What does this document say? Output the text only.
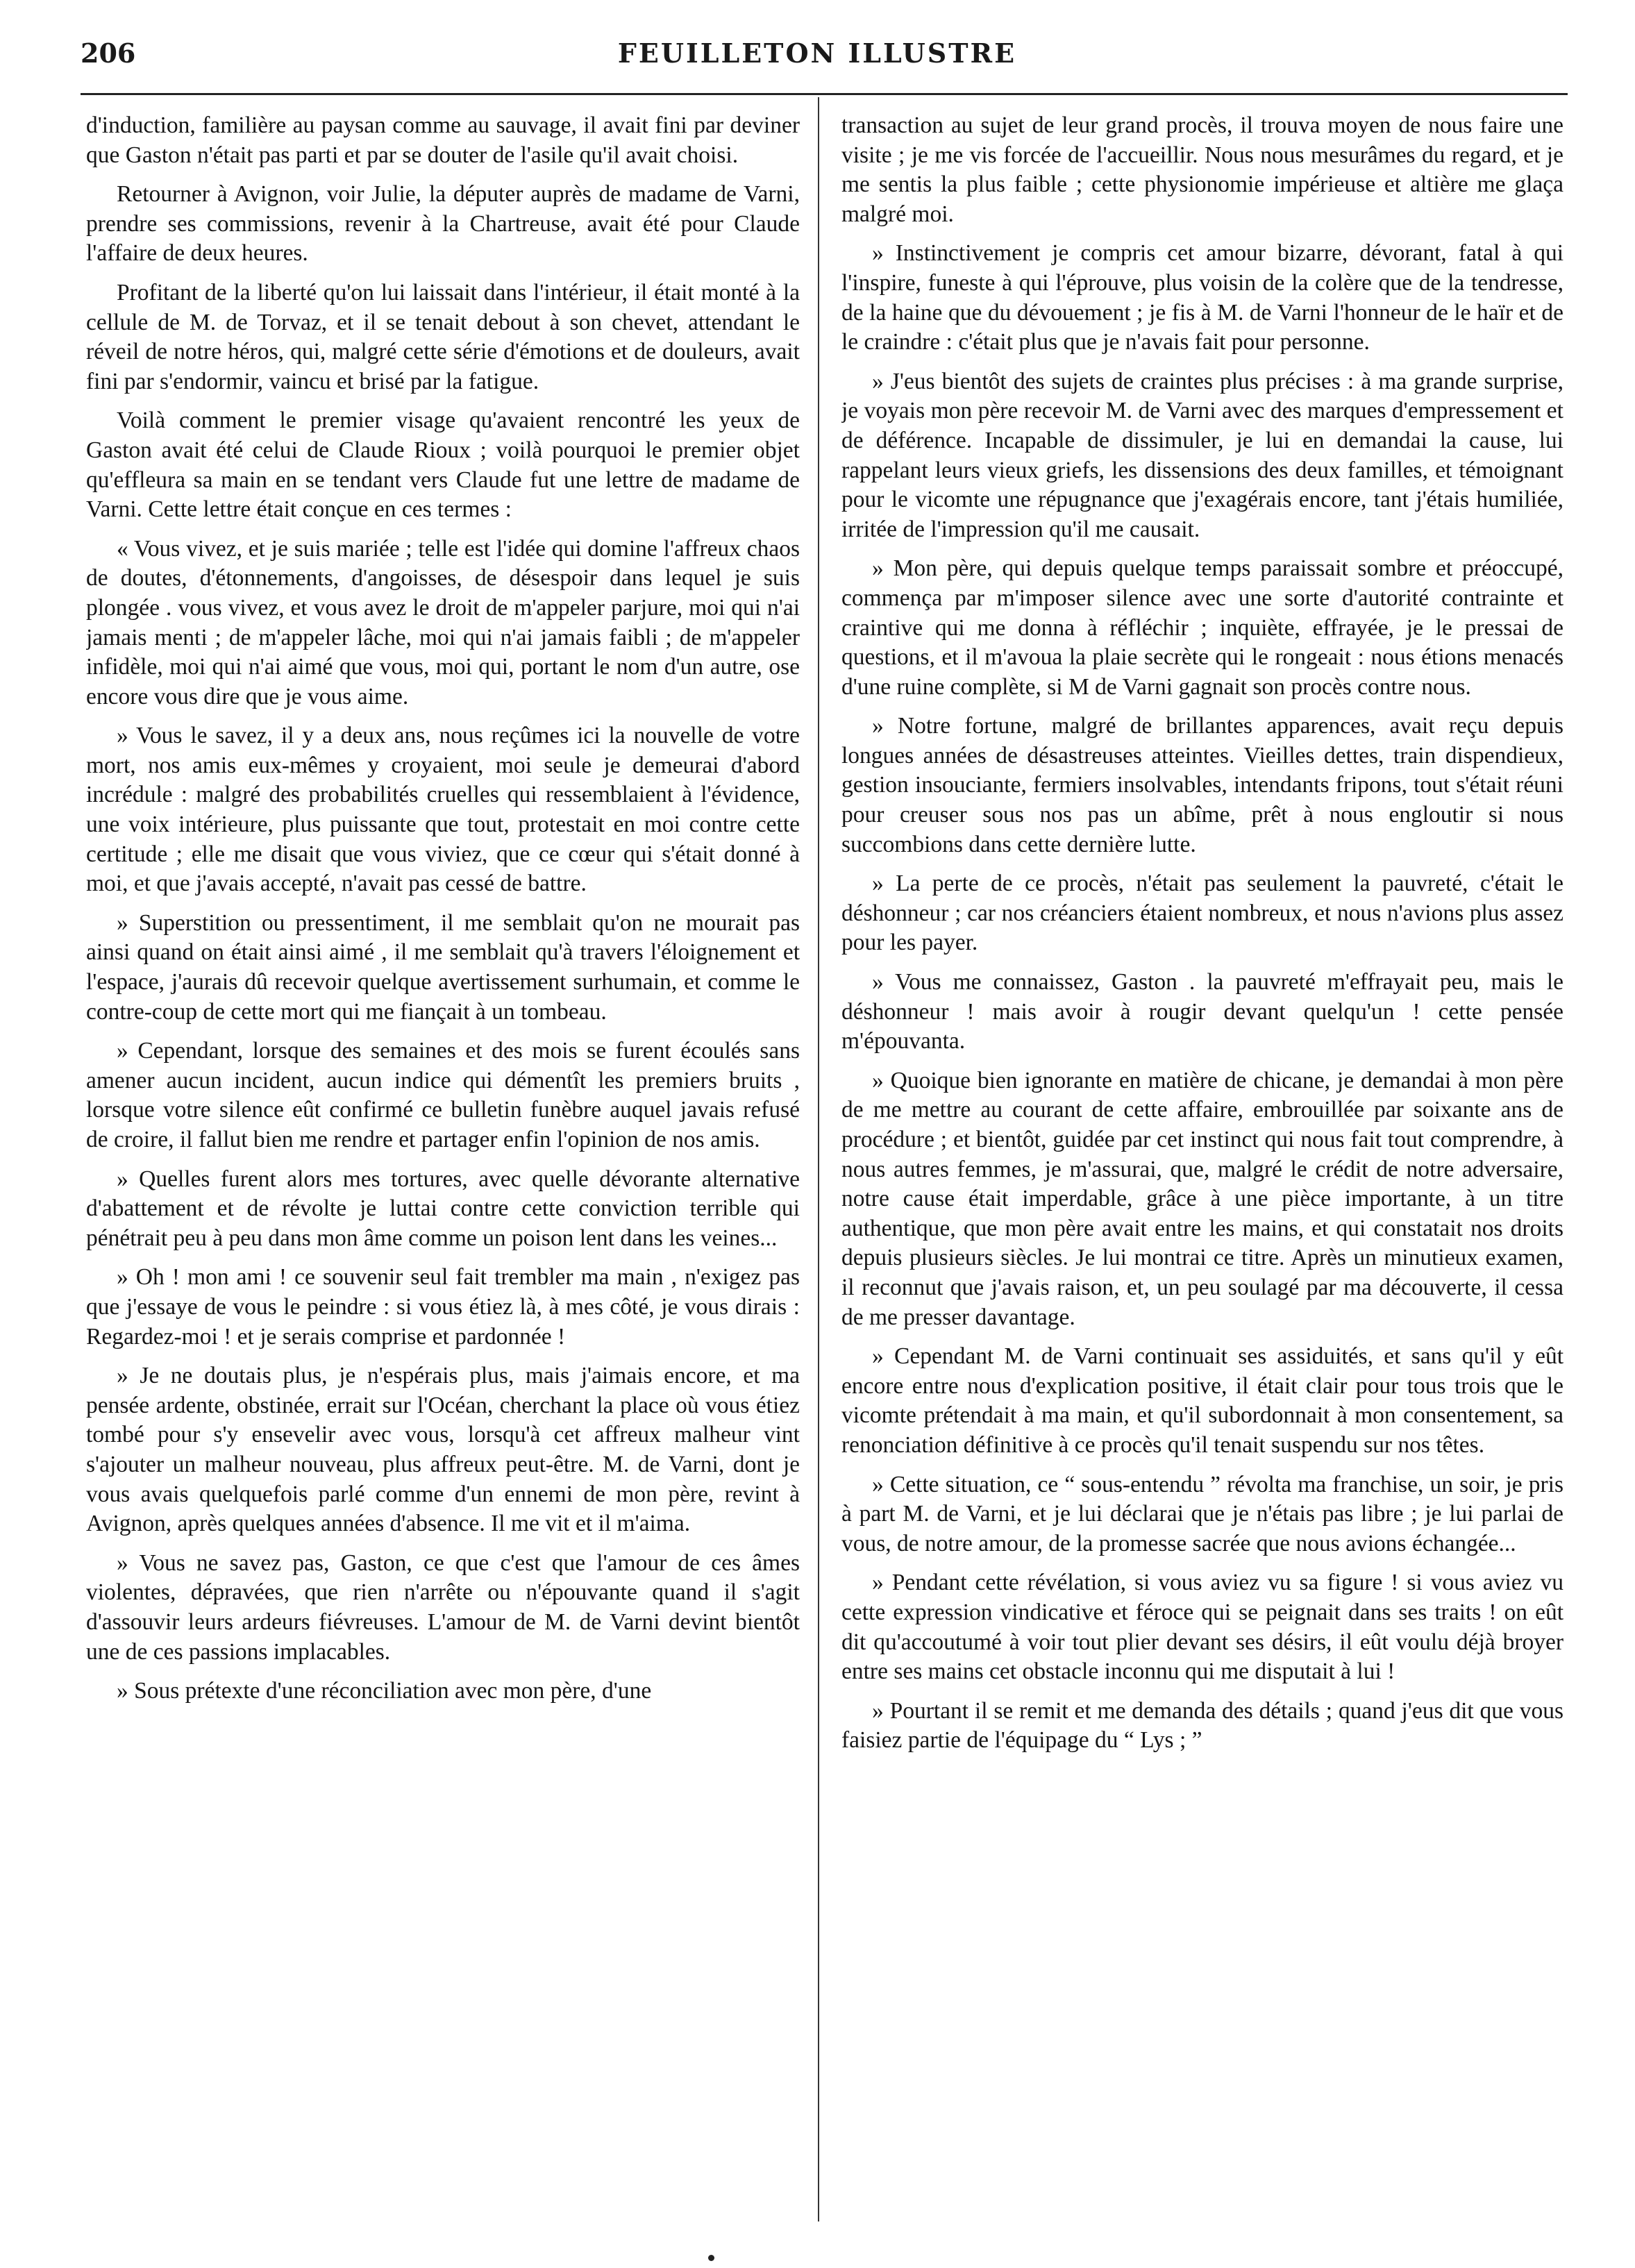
206	FEUILLETON ILLUSTRE

d'induction, familière au paysan comme au sauvage, il avait fini par deviner que Gaston n'était pas parti et par se douter de l'asile qu'il avait choisi.

Retourner à Avignon, voir Julie, la députer auprès de madame de Varni, prendre ses commissions, revenir à la Chartreuse, avait été pour Claude l'affaire de deux heures.

Profitant de la liberté qu'on lui laissait dans l'intérieur, il était monté à la cellule de M. de Torvaz, et il se tenait debout à son chevet, attendant le réveil de notre héros, qui, malgré cette série d'émotions et de douleurs, avait fini par s'endormir, vaincu et brisé par la fatigue.

Voilà comment le premier visage qu'avaient rencontré les yeux de Gaston avait été celui de Claude Rioux ; voilà pourquoi le premier objet qu'effleura sa main en se tendant vers Claude fut une lettre de madame de Varni. Cette lettre était conçue en ces termes :

« Vous vivez, et je suis mariée ; telle est l'idée qui domine l'affreux chaos de doutes, d'étonnements, d'angoisses, de désespoir dans lequel je suis plongée . vous vivez, et vous avez le droit de m'appeler parjure, moi qui n'ai jamais menti ; de m'appeler lâche, moi qui n'ai jamais faibli ; de m'appeler infidèle, moi qui n'ai aimé que vous, moi qui, portant le nom d'un autre, ose encore vous dire que je vous aime.

» Vous le savez, il y a deux ans, nous reçûmes ici la nouvelle de votre mort, nos amis eux-mêmes y croyaient, moi seule je demeurai d'abord incrédule : malgré des probabilités cruelles qui ressemblaient à l'évidence, une voix intérieure, plus puissante que tout, protestait en moi contre cette certitude ; elle me disait que vous viviez, que ce cœur qui s'était donné à moi, et que j'avais accepté, n'avait pas cessé de battre.

» Superstition ou pressentiment, il me semblait qu'on ne mourait pas ainsi quand on était ainsi aimé , il me semblait qu'à travers l'éloignement et l'espace, j'aurais dû recevoir quelque avertissement surhumain, et comme le contre-coup de cette mort qui me fiançait à un tombeau.

» Cependant, lorsque des semaines et des mois se furent écoulés sans amener aucun incident, aucun indice qui démentît les premiers bruits , lorsque votre silence eût confirmé ce bulletin funèbre auquel javais refusé de croire, il fallut bien me rendre et partager enfin l'opinion de nos amis.

» Quelles furent alors mes tortures, avec quelle dévorante alternative d'abattement et de révolte je luttai contre cette conviction terrible qui pénétrait peu à peu dans mon âme comme un poison lent dans les veines...

» Oh ! mon ami ! ce souvenir seul fait trembler ma main , n'exigez pas que j'essaye de vous le peindre : si vous étiez là, à mes côté, je vous dirais : Regardez-moi ! et je serais comprise et pardonnée !

» Je ne doutais plus, je n'espérais plus, mais j'aimais encore, et ma pensée ardente, obstinée, errait sur l'Océan, cherchant la place où vous étiez tombé pour s'y ensevelir avec vous, lorsqu'à cet affreux malheur vint s'ajouter un malheur nouveau, plus affreux peut-être. M. de Varni, dont je vous avais quelquefois parlé comme d'un ennemi de mon père, revint à Avignon, après quelques années d'absence. Il me vit et il m'aima.

» Vous ne savez pas, Gaston, ce que c'est que l'amour de ces âmes violentes, dépravées, que rien n'arrête ou n'épouvante quand il s'agit d'assouvir leurs ardeurs fiévreuses. L'amour de M. de Varni devint bientôt une de ces passions implacables.

» Sous prétexte d'une réconciliation avec mon père, d'une

transaction au sujet de leur grand procès, il trouva moyen de nous faire une visite ; je me vis forcée de l'accueillir. Nous nous mesurâmes du regard, et je me sentis la plus faible ; cette physionomie impérieuse et altière me glaça malgré moi.

» Instinctivement je compris cet amour bizarre, dévorant, fatal à qui l'inspire, funeste à qui l'éprouve, plus voisin de la colère que de la tendresse, de la haine que du dévouement ; je fis à M. de Varni l'honneur de le haïr et de le craindre : c'était plus que je n'avais fait pour personne.

» J'eus bientôt des sujets de craintes plus précises : à ma grande surprise, je voyais mon père recevoir M. de Varni avec des marques d'empressement et de déférence. Incapable de dissimuler, je lui en demandai la cause, lui rappelant leurs vieux griefs, les dissensions des deux familles, et témoignant pour le vicomte une répugnance que j'exagérais encore, tant j'étais humiliée, irritée de l'impression qu'il me causait.

» Mon père, qui depuis quelque temps paraissait sombre et préoccupé, commença par m'imposer silence avec une sorte d'autorité contrainte et craintive qui me donna à réfléchir ; inquiète, effrayée, je le pressai de questions, et il m'avoua la plaie secrète qui le rongeait : nous étions menacés d'une ruine complète, si M de Varni gagnait son procès contre nous.

» Notre fortune, malgré de brillantes apparences, avait reçu depuis longues années de désastreuses atteintes. Vieilles dettes, train dispendieux, gestion insouciante, fermiers insolvables, intendants fripons, tout s'était réuni pour creuser sous nos pas un abîme, prêt à nous engloutir si nous succombions dans cette dernière lutte.

» La perte de ce procès, n'était pas seulement la pauvreté, c'était le déshonneur ; car nos créanciers étaient nombreux, et nous n'avions plus assez pour les payer.

» Vous me connaissez, Gaston . la pauvreté m'effrayait peu, mais le déshonneur ! mais avoir à rougir devant quelqu'un ! cette pensée m'épouvanta.

» Quoique bien ignorante en matière de chicane, je demandai à mon père de me mettre au courant de cette affaire, embrouillée par soixante ans de procédure ; et bientôt, guidée par cet instinct qui nous fait tout comprendre, à nous autres femmes, je m'assurai, que, malgré le crédit de notre adversaire, notre cause était imperdable, grâce à une pièce importante, à un titre authentique, que mon père avait entre les mains, et qui constatait nos droits depuis plusieurs siècles. Je lui montrai ce titre. Après un minutieux examen, il reconnut que j'avais raison, et, un peu soulagé par ma découverte, il cessa de me presser davantage.

» Cependant M. de Varni continuait ses assiduités, et sans qu'il y eût encore entre nous d'explication positive, il était clair pour tous trois que le vicomte prétendait à ma main, et qu'il subordonnait à mon consentement, sa renonciation définitive à ce procès qu'il tenait suspendu sur nos têtes.

» Cette situation, ce “ sous-entendu ” révolta ma franchise, un soir, je pris à part M. de Varni, et je lui déclarai que je n'étais pas libre ; je lui parlai de vous, de notre amour, de la promesse sacrée que nous avions échangée...

» Pendant cette révélation, si vous aviez vu sa figure ! si vous aviez vu cette expression vindicative et féroce qui se peignait dans ses traits ! on eût dit qu'accoutumé à voir tout plier devant ses désirs, il eût voulu déjà broyer entre ses mains cet obstacle inconnu qui me disputait à lui !

» Pourtant il se remit et me demanda des détails ; quand j'eus dit que vous faisiez partie de l'équipage du “ Lys ; ”
